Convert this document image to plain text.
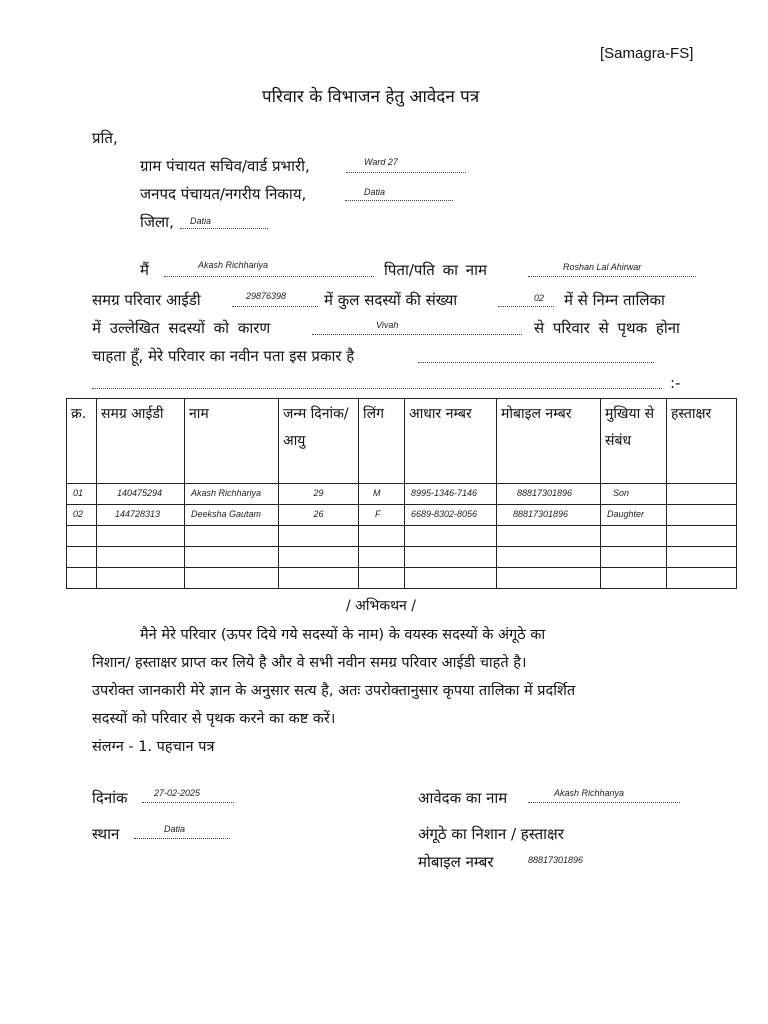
[Samagra-FS]
परिवार के विभाजन हेतु आवेदन पत्र
प्रति,
ग्राम पंचायत सचिव/वार्ड प्रभारी,	Ward 27
जनपद पंचायत/नगरीय निकाय,	Datia
जिला, Datia
मैं	Akash Richhariya	पिता/पति का नाम	Roshan Lal Ahirwar
समग्र परिवार आईडी	29876398	में कुल सदस्यों की संख्या	02 में से निम्न तालिका
में उल्लेखित सदस्यों को कारण	Vivah	से परिवार से पृथक होना
चाहता हूँ, मेरे परिवार का नवीन पता इस प्रकार है
:-
क्र.	समग्र आईडी	नाम	जन्म दिनांक/ आयु	लिंग	आधार नम्बर	मोबाइल नम्बर	मुखिया से संबंध	हस्ताक्षर
01	140475294	Akash Richhariya	29	M	8995-1346-7146	88817301896	Son	
02	144728313	Deeksha Gautam	26	F	6689-8302-8056	88817301896	Daughter	

/ अभिकथन /
मैने मेरे परिवार (ऊपर दिये गये सदस्यों के नाम) के वयस्क सदस्यों के अंगूठे का
निशान/ हस्ताक्षर प्राप्त कर लिये है और वे सभी नवीन समग्र परिवार आईडी चाहते है।
उपरोक्त जानकारी मेरे ज्ञान के अनुसार सत्य है, अतः उपरोक्तानुसार कृपया तालिका में प्रदर्शित
सदस्यों को परिवार से पृथक करने का कष्ट करें।
संलग्न - 1. पहचान पत्र
दिनांक	27-02-2025	आवेदक का नाम	Akash Richhariya
स्थान	Datia	अंगूठे का निशान / हस्ताक्षर
मोबाइल नम्बर	88817301896
